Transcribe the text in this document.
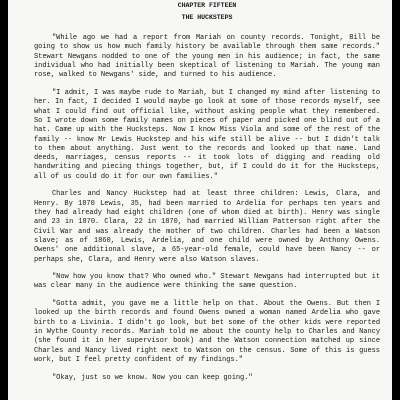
CHAPTER FIFTEEN
THE HUCKSTEPS

"While ago we had a report from Mariah on county records. Tonight, Bill be going to show us how much family history be available through them same records." Stewart Newgans nodded to one of the young men in his audience; in fact, the same individual who had initially been skeptical of listening to Mariah. The young man rose, walked to Newgans' side, and turned to his audience.

"I admit, I was maybe rude to Mariah, but I changed my mind after listening to her. In fact, I decided I would maybe go look at some of those records myself, see what I could find out official like, without asking people what they remembered. So I wrote down some family names on pieces of paper and picked one blind out of a hat. Came up with the Hucksteps. Now I know Miss Viola and some of the rest of the family -- know Mr Lewis Huckstep and his wife still be alive -- but I didn't talk to them about anything. Just went to the records and looked up that name. Land deeds, marriages, census reports -- it took lots of digging and reading old handwriting and piecing things together, but, if I could do it for the Hucksteps, all of us could do it for our own families."

Charles and Nancy Huckstep had at least three children: Lewis, Clara, and Henry. By 1870 Lewis, 35, had been married to Ardelia for perhaps ten years and they had already had eight children (one of whom died at birth). Henry was single and 23 in 1870. Clara, 22 in 1870, had married William Patterson right after the Civil War and was already the mother of two children. Charles had been a Watson slave; as of 1860, Lewis, Ardelia, and one child were owned by Anthony Owens. Owens' one additional slave, a 65-year-old female, could have been Nancy -- or perhaps she, Clara, and Henry were also Watson slaves.

"Now how you know that? Who owned who." Stewart Newgans had interrupted but it was clear many in the audience were thinking the same question.

"Gotta admit, you gave me a little help on that. About the Owens. But then I looked up the birth records and found Owens owned a woman named Ardelia who gave birth to a Livinia. I didn't go look, but bet some of the other kids were reported in Wythe County records. Mariah told me about the county help to Charles and Nancy (she found it in her supervisor book) and the Watson connection matched up since Charles and Nancy lived right next to Watson on the census. Some of this is guess work, but I feel pretty confident of my findings."

"Okay, just so we know. Now you can keep going."
